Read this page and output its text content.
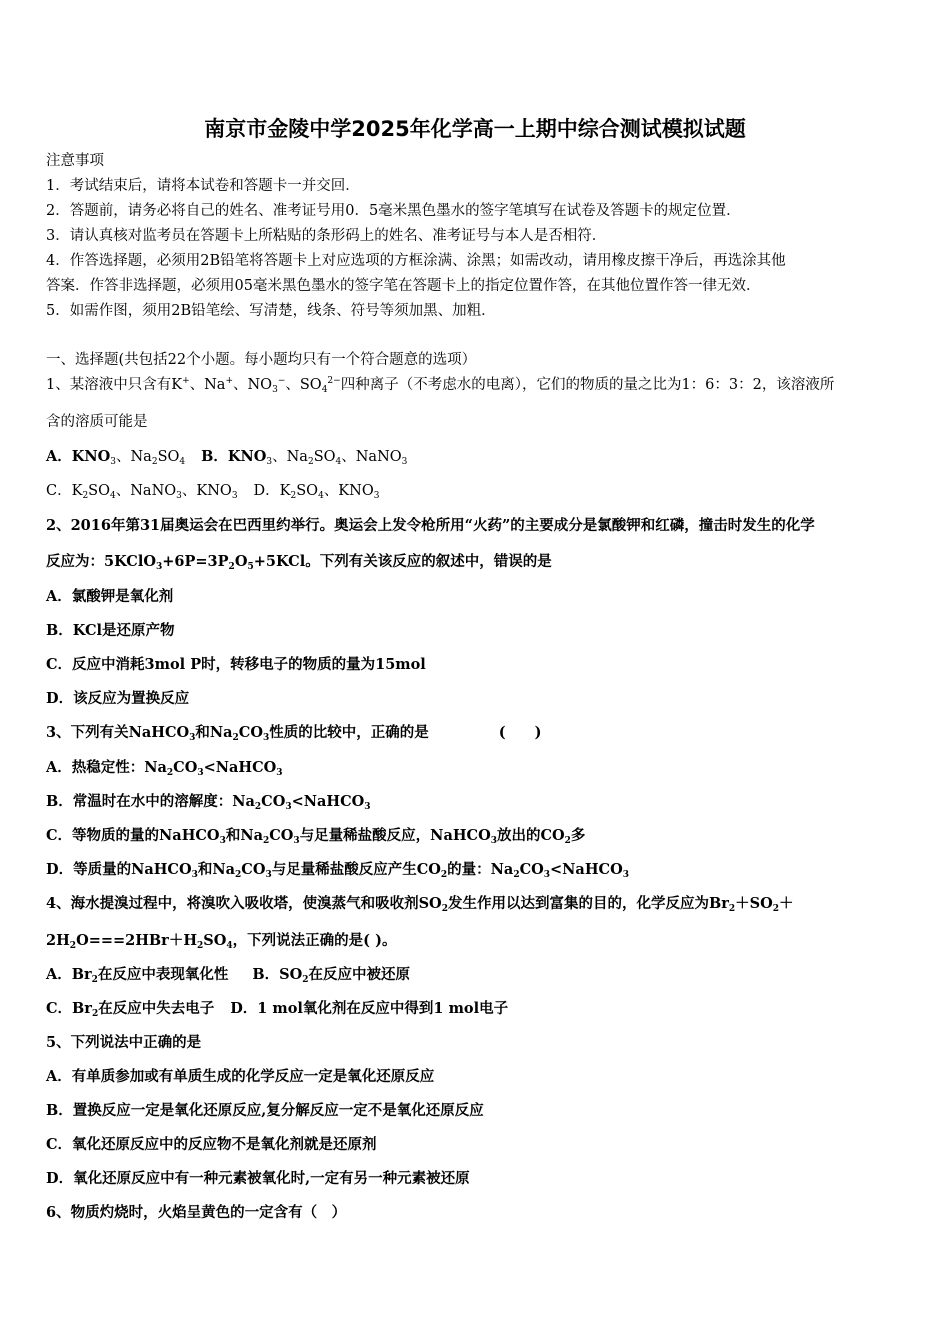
南京市金陵中学2025年化学高一上期中综合测试模拟试题
注意事项
1．考试结束后，请将本试卷和答题卡一并交回．
2．答题前，请务必将自己的姓名、准考证号用0．5毫米黑色墨水的签字笔填写在试卷及答题卡的规定位置．
3．请认真核对监考员在答题卡上所粘贴的条形码上的姓名、准考证号与本人是否相符．
4．作答选择题，必须用2B铅笔将答题卡上对应选项的方框涂满、涂黑；如需改动，请用橡皮擦干净后，再选涂其他
答案．作答非选择题，必须用05毫米黑色墨水的签字笔在答题卡上的指定位置作答，在其他位置作答一律无效．
5．如需作图，须用2B铅笔绘、写清楚，线条、符号等须加黑、加粗．
一、选择题(共包括22个小题。每小题均只有一个符合题意的选项）
1、某溶液中只含有K+、Na+、$NO_3^-$、$SO_4^{2-}$四种离子（不考虑水的电离），它们的物质的量之比为1：6：3：2，该溶液所
含的溶质可能是
A．$KNO_3$、$Na_2SO_4$ B．$KNO_3$、$Na_2SO_4$、NaNO$_3$
C．$K_2SO_4$、NaNO$_3$、$KNO_3$ D．$K_2SO_4$、$KNO_3$
2、2016年第31届奥运会在巴西里约举行。奥运会上发令枪所用“火药”的主要成分是氯酸钾和红磷，撞击时发生的化学
反应为：$5KClO_3+6P=3P_2O_5+5KCl$。下列有关该反应的叙述中，错误的是
A．氯酸钾是氧化剂
B．KCl是还原产物
C．反应中消耗3mol P时，转移电子的物质的量为15mol
D．该反应为置换反应
3、下列有关NaHCO$_3$和$Na_2CO_3$性质的比较中，正确的是	(　　)
A．热稳定性：$Na_2CO_3<NaHCO_3$
B．常温时在水中的溶解度：$Na_2CO_3<NaHCO_3$
C．等物质的量的NaHCO$_3$和$Na_2CO_3$与足量稀盐酸反应，NaHCO$_3$放出的$CO_2$多
D．等质量的NaHCO$_3$和$Na_2CO_3$与足量稀盐酸反应产生$CO_2$的量：$Na_2CO_3<NaHCO_3$
4、海水提溴过程中，将溴吹入吸收塔，使溴蒸气和吸收剂$SO_2$发生作用以达到富集的目的，化学反应为$Br_2+SO_2+$
$2H_2O===2HBr+H_2SO_4$，下列说法正确的是( )。
A．$Br_2$在反应中表现氧化性 B．$SO_2$在反应中被还原
C．$Br_2$在反应中失去电子 D．1 mol氧化剂在反应中得到1 mol电子
5、下列说法中正确的是
A．有单质参加或有单质生成的化学反应一定是氧化还原反应
B．置换反应一定是氧化还原反应,复分解反应一定不是氧化还原反应
C．氧化还原反应中的反应物不是氧化剂就是还原剂
D．氧化还原反应中有一种元素被氧化时,一定有另一种元素被还原
6、物质灼烧时，火焰呈黄色的一定含有（　）
